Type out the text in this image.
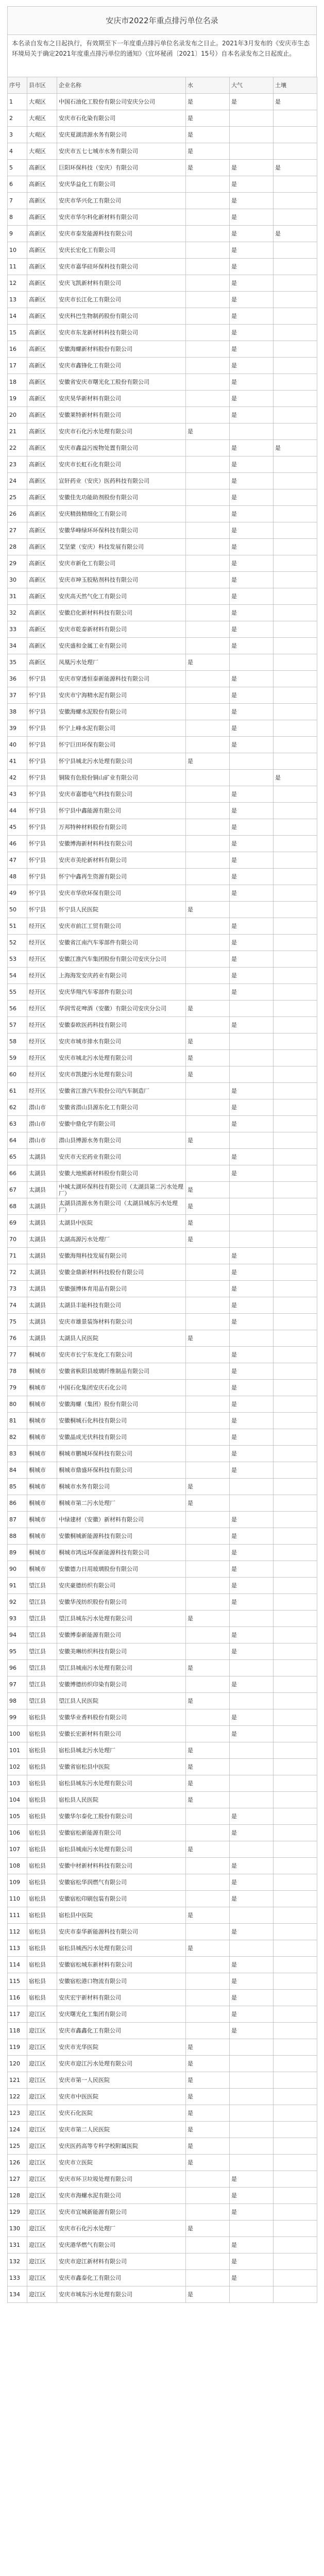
安庆市2022年重点排污单位名录
本名录自发布之日起执行，有效期至下一年度重点排污单位名录发布之日止。2021年3月发布的《安庆市生态环境局关于确定2021年度重点排污单位的通知》（宜环秘函〔2021〕15号）自本名录发布之日起废止。
序号	县市区	企业名称	水	大气	土壤
1	大观区	中国石油化工股份有限公司安庆分公司	是	是	是
2	大观区	安庆市石化染有限公司	是		
3	大观区	安庆夏湖清源水务有限公司	是		
4	大观区	安庆市五七七城市水务有限公司	是		
5	高新区	巨阳环保科技（安庆）有限公司	是	是	是
6	高新区	安庆华益化工有限公司		是	
7	高新区	安庆市华兴化工有限公司		是	
8	高新区	安庆市华尔科化新材料有限公司		是	
9	高新区	安庆市泰发能源科技有限公司		是	是
10	高新区	安庆长宏化工有限公司		是	
11	高新区	安庆市嘉华硅环保科技有限公司		是	
12	高新区	安庆飞凯新材料有限公司		是	
13	高新区	安庆市长江化工有限公司		是	
14	高新区	安庆科巴生物制药股份有限公司		是	
15	高新区	安庆市东龙新材料科技有限公司		是	
16	高新区	安徽海螺新材料股份有限公司		是	
17	高新区	安庆市鑫锋化工有限公司		是	
18	高新区	安徽省安庆市曙光化工股份有限公司		是	
19	高新区	安庆昊华新材料有限公司		是	
20	高新区	安徽莱特新材料有限公司		是	
21	高新区	安庆市石化污水处理有限公司	是		
22	高新区	安庆市鑫益污废物处置有限公司		是	是
23	高新区	安庆市长虹石化有限公司		是	
24	高新区	宣轩药业（安庆）医药科技有限公司		是	
25	高新区	安徽佳先功能助剂股份有限公司		是	
26	高新区	安庆精鼓精细化工有限公司		是	
27	高新区	安徽华峰绿环环保科技有限公司		是	
28	高新区	艾坚蒙（安庆）科技发展有限公司		是	
29	高新区	安庆市新化工有限公司		是	
30	高新区	安庆市坤玉胶粘剂科技有限公司		是	
31	高新区	安庆高天然气化工有限公司		是	
32	高新区	安徽启化新材料科技有限公司		是	
33	高新区	安庆市乾泰新材料有限公司		是	
34	高新区	安庆盛和金属工业有限公司		是	
35	高新区	凤凰污水处理厂	是		
36	怀宁县	安庆市穿透恒泰新能源科技有限公司		是	
37	怀宁县	安庆市宁海精水泥有限公司		是	
38	怀宁县	安徽海螺水泥股份有限公司		是	
39	怀宁县	怀宁上峰水泥有限公司		是	
40	怀宁县	怀宁巨田环保有限公司		是	
41	怀宁县	怀宁县城北污水处理有限公司	是		
42	怀宁县	铜陵有色股份铜山矿业有限公司			是
43	怀宁县	安庆市嘉德电气科技有限公司		是	
44	怀宁县	怀宁县中鑫能源有限公司		是	
45	怀宁县	万邦特种材料股份有限公司		是	
46	怀宁县	安徽博海新材料科技有限公司		是	
47	怀宁县	安庆市美纶新材料有限公司		是	
48	怀宁县	怀宁中鑫再生资源有限公司		是	
49	怀宁县	安庆市华欣环保有限公司		是	
50	怀宁县	怀宁县人民医院	是		
51	经开区	安庆市前江工贸有限公司		是	
52	经开区	安徽省江南汽车零部件有限公司		是	
53	经开区	安徽江淮汽车集团股份有限公司安庆分公司		是	
54	经开区	上海海发安庆药业有限公司		是	
55	经开区	安庆华翔汽车零部件有限公司		是	
56	经开区	华润雪花啤酒（安徽）有限公司安庆分公司	是		
57	经开区	安徽泰欧医药科技有限公司		是	
58	经开区	安庆市城市排水有限公司	是		
59	经开区	安庆市城北污水处理有限公司	是		
60	经开区	安庆市凯捷污水处理有限公司	是		
61	经开区	安徽省江淮汽车股份公司汽车制造厂		是	
62	潜山市	安徽省潜山县源东化工有限公司		是	
63	潜山市	安徽中鼎化学有限公司		是	
64	潜山市	潜山县博源水务有限公司	是		
65	太湖县	安庆市天宏药业有限公司		是	
66	太湖县	安徽大地熊新材料股份有限公司		是	
67	太湖县	中城太湖环保科技有限公司（太湖县第二污水处理厂）	是		
68	太湖县	太湖县清源水务有限公司（太湖县城东污水处理厂）	是		
69	太湖县	太湖县中医院	是		
70	太湖县	太湖高源污水处理厂	是		
71	太湖县	安徽海翔科技发展有限公司		是	
72	太湖县	安徽金鼎新材料科技股份有限公司		是	
73	太湖县	安徽强博体育用品有限公司		是	
74	太湖县	太湖县丰能科技有限公司		是	
75	太湖县	安庆市雄景装饰材料有限公司		是	
76	太湖县	太湖县人民医院	是		
77	桐城市	安庆市长宁东龙化工有限公司		是	
78	桐城市	安徽省枞阳县玻璃纤维制品有限公司		是	
79	桐城市	中国石化集团安庆石化公司		是	
80	桐城市	安徽海螺（集团）股份有限公司		是	
81	桐城市	安徽桐城石化科技有限公司		是	
82	桐城市	安徽晶成光伏科技有限公司		是	
83	桐城市	桐城市鹏城环保科技有限公司		是	
84	桐城市	桐城市鼎盛环保科技有限公司		是	
85	桐城市	桐城市水务有限公司	是		
86	桐城市	桐城市第二污水处理厂	是		
87	桐城市	中绿建材（安徽）新材料有限公司		是	
88	桐城市	安徽桐城新能源科技有限公司		是	
89	桐城市	桐城市鸿远环保新能源科技有限公司		是	
90	桐城市	安徽德力日用玻璃股份有限公司		是	
91	望江县	安庆豪德纺织有限公司		是	
92	望江县	安徽华茂纺织股份有限公司		是	
93	望江县	望江县城东污水处理有限公司	是		
94	望江县	安徽博泰新能源有限公司		是	
95	望江县	安徽美琳纺织科技有限公司		是	
96	望江县	望江县城南污水处理有限公司	是		
97	望江县	安徽博德纺织印染有限公司		是	
98	望江县	望江县人民医院	是		
99	宿松县	安徽华业香料股份有限公司		是	
100	宿松县	安徽长宏新材料有限公司		是	
101	宿松县	宿松县城北污水处理厂	是		
102	宿松县	安徽省宿松县中医院	是		
103	宿松县	宿松县城东污水处理有限公司	是		
104	宿松县	宿松县人民医院	是		
105	宿松县	安徽华尔泰化工股份有限公司		是	
106	宿松县	安徽宿松新能源有限公司		是	
107	宿松县	宿松县城南污水处理有限公司	是		
108	宿松县	安徽中材新材料科技有限公司		是	
109	宿松县	安徽宿松华润燃气有限公司		是	
110	宿松县	安徽宿松印刷包装有限公司		是	
111	宿松县	宿松县中医院	是		
112	宿松县	安庆市泰华新能源科技有限公司		是	
113	宿松县	宿松县城西污水处理有限公司	是		
114	宿松县	安徽宿松城东新材料有限公司		是	
115	宿松县	安徽宿松港口物流有限公司		是	
116	宿松县	安庆宏宇新材料有限公司		是	
117	迎江区	安庆曙光化工集团有限公司		是	
118	迎江区	安庆市鑫鑫化工有限公司		是	
119	迎江区	安庆市光华医院	是		
120	迎江区	安庆市迎江污水处理有限公司	是		
121	迎江区	安庆市第一人民医院	是		
122	迎江区	安庆市中医医院	是		
123	迎江区	安庆石化医院	是		
124	迎江区	安庆市第二人民医院	是		
125	迎江区	安庆医药高等专科学校附属医院	是		
126	迎江区	安庆市立医院	是		
127	迎江区	安庆市环卫垃圾处理有限公司		是	
128	迎江区	安庆市海螺水泥有限公司		是	
129	迎江区	安庆市宜城新能源有限公司		是	
130	迎江区	安庆市石化污水处理厂	是		
131	迎江区	安庆港华燃气有限公司		是	
132	迎江区	安庆市迎江新材料有限公司		是	
133	迎江区	安庆市鑫泰化工有限公司		是	
134	迎江区	安庆市城东污水处理有限公司	是		
